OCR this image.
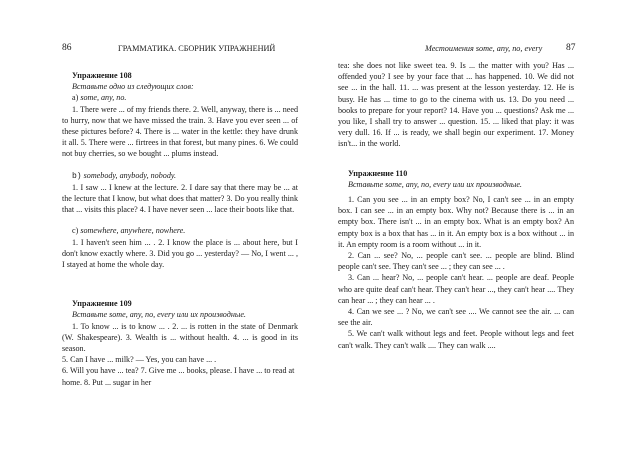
86	ГРАММАТИКА. СБОРНИК УПРАЖНЕНИЙ

Упражнение 108

Вставьте одно из следующих слов:

а) some, any, no.

1. There were ... of my friends there. 2. Well, anyway, there is ... need to hurry, now that we have missed the train. 3. Have you ever seen ... of these pictures before? 4. There is ... water in the kettle: they have drunk it all. 5. There were ... firtrees in that forest, but many pines. 6. We could not buy cherries, so we bought ... plums instead.

b) somebody, anybody, nobody.

1. I saw ... I knew at the lecture. 2. I dare say that there may be ... at the lecture that I know, but what does that matter? 3. Do you really think that ... visits this place? 4. I have never seen ... lace their boots like that.

c) somewhere, anywhere, nowhere.

1. I haven't seen him ... . 2. I know the place is ... about here, but I don't know exactly where. 3. Did you go ... yesterday? — No, I went ... , I stayed at home the whole day.

Упражнение 109

Вставьте some, any, no, every или их производные.

1. To know ... is to know ... . 2. ... is rotten in the state of Denmark (W. Shakespeare). 3. Wealth is ... without health. 4. ... is good in its season.

5. Can I have ... milk? — Yes, you can have ... .

6. Will you have ... tea? 7. Give me ... books, please. I have ... to read at home. 8. Put ... sugar in her

Местоимения some, any, no, every	87

tea: she does not like sweet tea. 9. Is ... the matter with you? Has ... offended you? I see by your face that ... has happened. 10. We did not see ... in the hall. 11. ... was present at the lesson yesterday. 12. He is busy. He has ... time to go to the cinema with us. 13. Do you need ... books to prepare for your report? 14. Have you ... questions? Ask me ... you like, I shall try to answer ... question. 15. ... liked that play: it was very dull. 16. If ... is ready, we shall begin our experiment. 17. Money isn't... in the world.

Упражнение 110

Вставьте some, any, no, every или их производные.

1. Can you see ... in an empty box? No, I can't see ... in an empty box. I can see ... in an empty box. Why not? Because there is ... in an empty box. There isn't ... in an empty box. What is an empty box? An empty box is a box that has ... in it. An empty box is a box without ... in it. An empty room is a room without ... in it.

2. Can ... see? No, ... people can't see. ... people are blind. Blind people can't see. They can't see ... ; they can see ... .

3. Can ... hear? No, ... people can't hear. ... people are deaf. People who are quite deaf can't hear. They can't hear ..., they can't hear .... They can hear ... ; they can hear ... .

4. Can we see ... ? No, we can't see .... We cannot see the air. ... can see the air.

5. We can't walk without legs and feet. People without legs and feet can't walk. They can't walk .... They can walk ....
